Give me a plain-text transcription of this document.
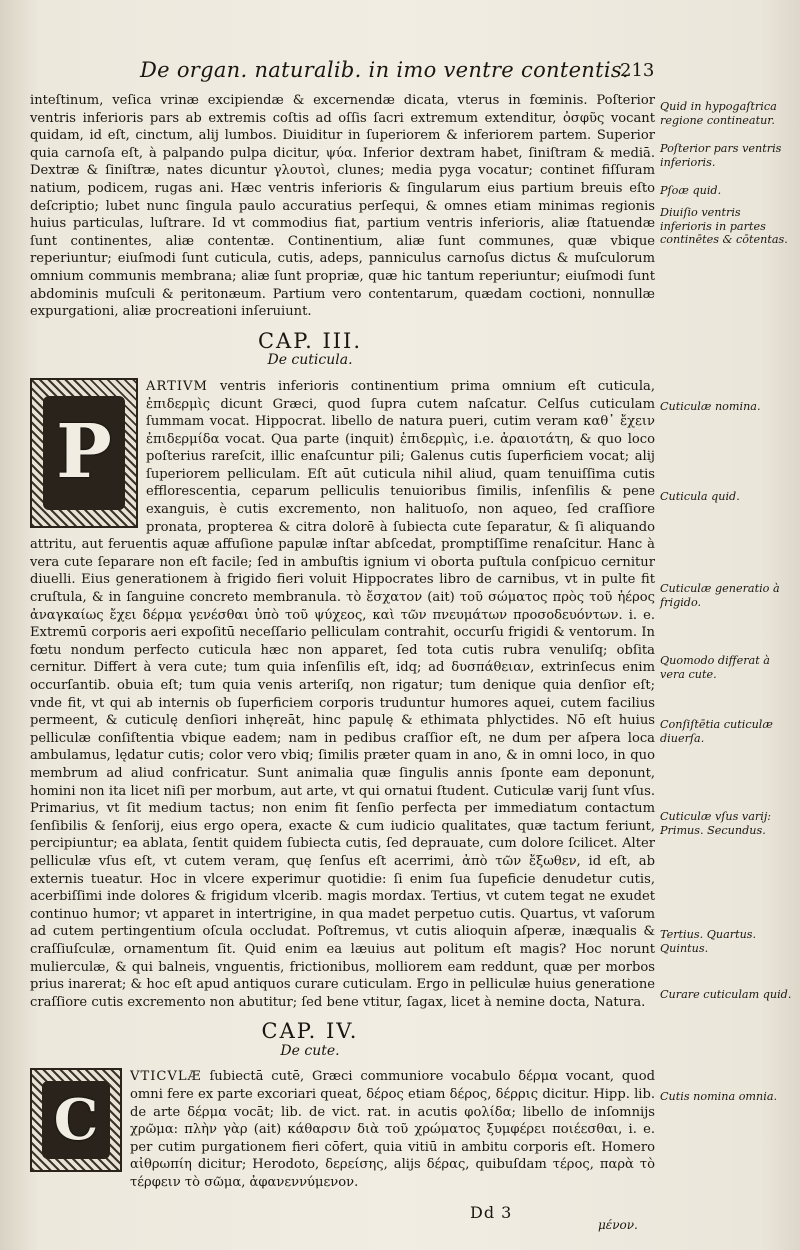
De organ. naturalib. in imo ventre contentis.
213

inteſtinum, veſica vrinæ excipiendæ & excernendæ dicata, vterus in fœminis. Poſterior ventris inferioris pars ab extremis coſtis ad oſſis ſacri extremum extenditur, ὀσφῦς vocant quidam, id eſt, cinctum, alij lumbos. Diuiditur in ſuperiorem & inferiorem partem. Superior quia carnoſa eſt, à palpando pulpa dicitur, ψύα. Inferior dextram habet, ſiniſtram & mediā. Dextræ & ſiniſtræ, nates dicuntur γλουτοὶ, clunes; media pyga vocatur; continet fiſſuram natium, podicem, rugas ani. Hæc ventris inferioris & ſingularum eius partium breuis eſto deſcriptio; lubet nunc ſingula paulo accuratius perſequi, & omnes etiam minimas regionis huius particulas, luſtrare. Id vt commodius fiat, partium ventris inferioris, aliæ ſtatuendæ ſunt continentes, aliæ contentæ. Continentium, aliæ ſunt communes, quæ vbique reperiuntur; eiuſmodi ſunt cuticula, cutis, adeps, panniculus carnoſus dictus & muſculorum omnium communis membrana; aliæ ſunt propriæ, quæ hic tantum reperiuntur; eiuſmodi ſunt abdominis muſculi & peritonæum. Partium vero contentarum, quædam coctioni, nonnullæ expurgationi, aliæ procreationi inſeruiunt.

CAP. III.
De cuticula.

P
ARTIVM ventris inferioris continentium prima omnium eſt cuticula, ἐπιδερμὶς dicunt Græci, quod ſupra cutem naſcatur. Celſus cuticulam ſummam vocat. Hippocrat. libello de natura pueri, cutim veram καθ᾽ ἔχειν ἐπιδερμίδα vocat. Qua parte (inquit) ἐπιδερμὶς, i.e. ἀραιοτάτη, & quo loco poſterius rareſcit, illic enaſcuntur pili; Galenus cutis ſuperficiem vocat; alij ſuperiorem pelliculam. Eſt aūt cuticula nihil aliud, quam tenuiſſima cutis efflorescentia, ceparum pelliculis tenuioribus ſimilis, inſenſilis & pene exanguis, è cutis excremento, non halituoſo, non aqueo, ſed craſſiore pronata, propterea & citra dolorē à ſubiecta cute ſeparatur, & ſi aliquando attritu, aut feruentis aquæ affuſione papulæ inſtar abſcedat, promptiſſime renaſcitur. Hanc à vera cute ſeparare non eſt facile; ſed in ambuſtis ignium vi oborta puſtula conſpicuo cernitur diuelli. Eius generationem à frigido fieri voluit Hippocrates libro de carnibus, vt in pulte fit cruſtula, & in ſanguine concreto membranula. τὸ ἔσχατον (ait) τοῦ σώματος πρὸς τοῦ ἠέρος ἀναγκαίως ἔχει δέρμα γενέσθαι ὑπὸ τοῦ ψύχεος, καὶ τῶν πνευμάτων προσοδευόντων. i. e. Extremū corporis aeri expoſitū neceſſario pelliculam contrahit, occurſu frigidi & ventorum. In fœtu nondum perfecto cuticula hæc non apparet, ſed tota cutis rubra venuliſq; obſita cernitur. Differt à vera cute; tum quia inſenſilis eſt, idq; ad δυσπάθειαν, extrinſecus enim occurſantib. obuia eſt; tum quia venis arteriſq, non rigatur; tum denique quia denſior eſt; vnde fit, vt qui ab internis ob ſuperficiem corporis truduntur humores aquei, cutem facilius permeent, & cuticulę denſiori inhęreāt, hinc papulę & ethimata phlyctides. Nō eſt huius pelliculæ conſiſtentia vbique eadem; nam in pedibus craſſior eſt, ne dum per aſpera loca ambulamus, lędatur cutis; color vero vbiq; ſimilis præter quam in ano, & in omni loco, in quo membrum ad aliud confricatur. Sunt animalia quæ ſingulis annis ſponte eam deponunt, homini non ita licet niſi per morbum, aut arte, vt qui ornatui ſtudent. Cuticulæ varij ſunt vſus. Primarius, vt ſit medium tactus; non enim fit ſenſio perfecta per immediatum contactum ſenſibilis & ſenſorij, eius ergo opera, exacte & cum iudicio qualitates, quæ tactum feriunt, percipiuntur; ea ablata, ſentit quidem ſubiecta cutis, ſed deprauate, cum dolore ſcilicet. Alter pelliculæ vſus eſt, vt cutem veram, quę ſenſus eſt acerrimi, ἀπὸ τῶν ἔξωθεν, id eſt, ab externis tueatur. Hoc in vlcere experimur quotidie: ſi enim ſua ſupeficie denudetur cutis, acerbiſſimi inde dolores & frigidum vlcerib. magis mordax. Tertius, vt cutem tegat ne exudet continuo humor; vt apparet in intertrigine, in qua madet perpetuo cutis. Quartus, vt vaſorum ad cutem pertingentium oſcula occludat. Poſtremus, vt cutis alioquin aſperæ, inæqualis & craſſiuſculæ, ornamentum ſit. Quid enim ea læuius aut politum eſt magis? Hoc norunt mulierculæ, & qui balneis, vnguentis, frictionibus, molliorem eam reddunt, quæ per morbos prius inarerat; & hoc eſt apud antiquos curare cuticulam. Ergo in pelliculæ huius generatione craſſiore cutis excremento non abutitur; ſed bene vtitur, ſagax, licet à nemine docta, Natura.

CAP. IV.
De cute.

C
VTICVLÆ ſubiectā cutē, Græci communiore vocabulo δέρμα vocant, quod omni fere ex parte excoriari queat, δέρος etiam δέρος, δέρρις dicitur. Hipp. lib. de arte δέρμα vocāt; lib. de vict. rat. in acutis φολίδα; libello de inſomnijs χρῶμα: πλὴν γὰρ (ait) κάθαρσιν διὰ τοῦ χρώματος ξυμφέρει ποιέεσθαι, i. e. per cutim purgationem fieri cōfert, quia vitiū in ambitu corporis eſt. Homero αἰθρωπίη dicitur; Herodoto, δερείσης, alijs δέρας, quibuſdam τέρος, παρὰ τὸ τέρφειν τὸ σῶμα, ἀφανεννύμενον.

Quid in hypogaſtrica regione contineatur.
Poſterior pars ventris inferioris.
Pſoæ quid.
Diuiſio ventris inferioris in partes continētes & cōtentas.
Cuticulæ nomina.
Cuticula quid.
Cuticulæ generatio à frigido.
Quomodo differat à vera cute.
Conſiſtētia cuticulæ diuerſa.
Cuticulæ vſus varij: Primus. Secundus.
Tertius. Quartus. Quintus.
Curare cuticulam quid.
Cutis nomina omnia.
Dd 3
μένον.
